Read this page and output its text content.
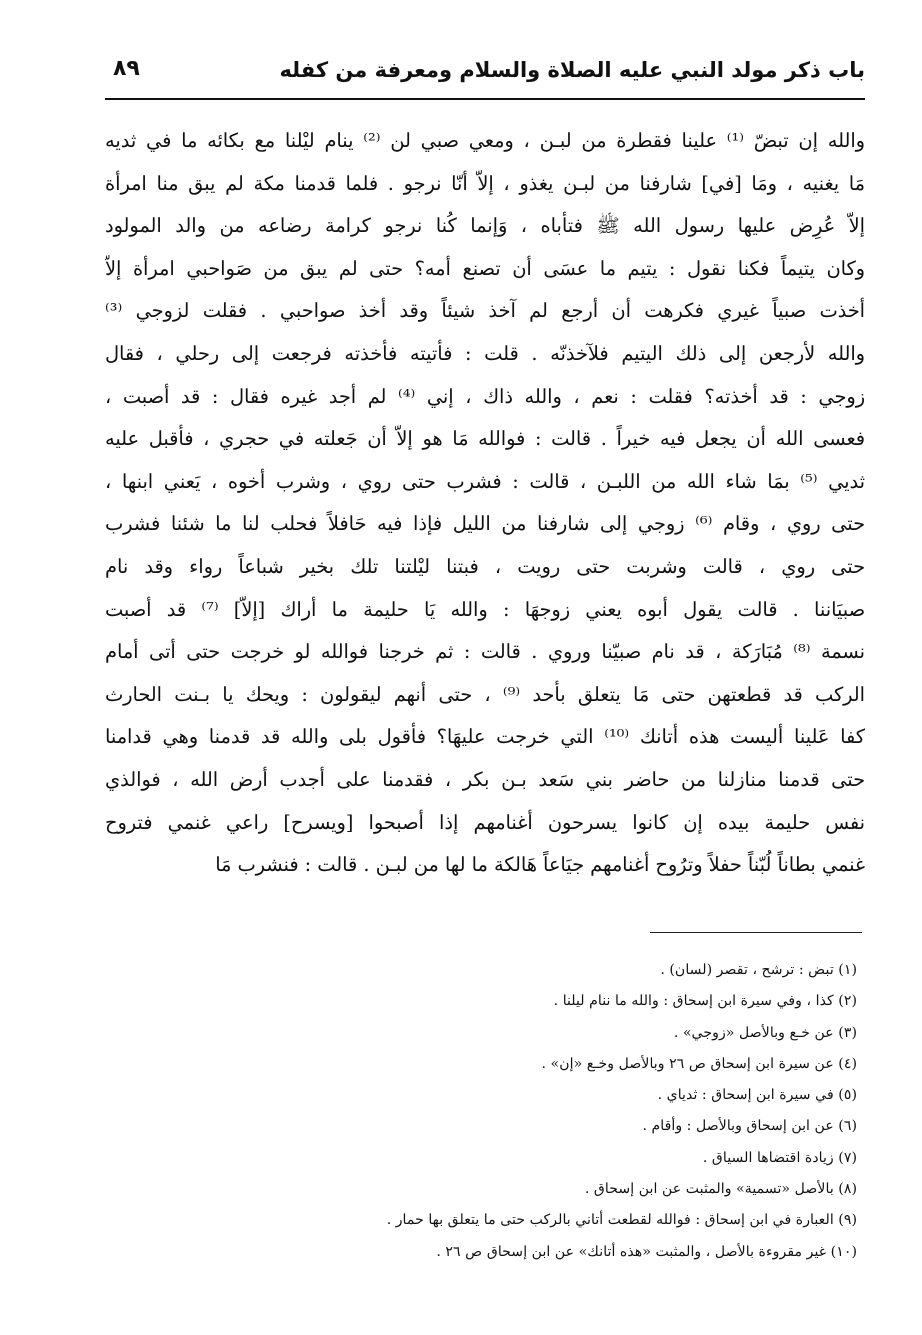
باب ذكر مولد النبي عليه الصلاة والسلام ومعرفة من كفله
٨٩
والله إن تبضّ ⁽¹⁾ علينا فقطرة من لبـن ، ومعي صبي لن ⁽²⁾ ينام ليْلنا مع بكائه ما في ثديه
مَا يغنيه ، ومَا [في] شارفنا من لبـن يغذو ، إلاّ أنّا نرجو . فلما قدمنا مكة لم يبق منا امرأة
إلاّ عُرِض عليها رسول الله ﷺ فتأباه ، وَإنما كُنا نرجو كرامة رضاعه من والد المولود
وكان يتيماً فكنا نقول : يتيم ما عسَى أن تصنع أمه؟ حتى لم يبق من صَواحبي امرأة إلاّ
أخذت صبياً غيري فكرهت أن أرجع لم آخذ شيئاً وقد أخذ صواحبي . فقلت لزوجي ⁽³⁾
والله لأرجعن إلى ذلك اليتيم فلآخذنّه . قلت : فأتيته فأخذته فرجعت إلى رحلي ، فقال
زوجي : قد أخذته؟ فقلت : نعم ، والله ذاك ، إني ⁽⁴⁾ لم أجد غيره فقال : قد أصبت ،
فعسى الله أن يجعل فيه خيراً . قالت : فوالله مَا هو إلاّ أن جَعلته في حجري ، فأقبل عليه
ثديي ⁽⁵⁾ بمَا شاء الله من اللبـن ، قالت : فشرب حتى روي ، وشرب أخوه ، يَعني ابنها ،
حتى روي ، وقام ⁽⁶⁾ زوجي إلى شارفنا من الليل فإذا فيه حَافلاً فحلب لنا ما شئنا فشرب
حتى روي ، قالت وشربت حتى رويت ، فبتنا ليْلتنا تلك بخير شباعاً رواء وقد نام
صبيَاننا . قالت يقول أبوه يعني زوجهَا : والله يَا حليمة ما أراك [إلاّ] ⁽⁷⁾ قد أصبت
نسمة ⁽⁸⁾ مُبَارَكة ، قد نام صبيّنا وروي . قالت : ثم خرجنا فوالله لو خرجت حتى أتى أمام
الركب قد قطعتهن حتى مَا يتعلق بأحد ⁽⁹⁾ ، حتى أنهم ليقولون : ويحك يا بـنت الحارث
كفا عَلينا أليست هذه أتانك ⁽¹⁰⁾ التي خرجت عليهَا؟ فأقول بلى والله قد قدمنا وهي قدامنا
حتى قدمنا منازلنا من حاضر بني سَعد بـن بكر ، فقدمنا على أجدب أرض الله ، فوالذي
نفس حليمة بيده إن كانوا يسرحون أغنامهم إذا أصبحوا [ويسرح] راعي غنمي فتروح
غنمي بطاناً لُبّناً حفلاً وترُوح أغنامهم جيَاعاً هَالكة ما لها من لبـن . قالت : فنشرب مَا
(١) تبض : ترشح ، تقصر (لسان) .
(٢) كذا ، وفي سيرة ابن إسحاق : والله ما ننام ليلنا .
(٣) عن خـع وبالأصل «زوجي» .
(٤) عن سيرة ابن إسحاق ص ٢٦ وبالأصل وخـع «إن» .
(٥) في سيرة ابن إسحاق : ثدياي .
(٦) عن ابن إسحاق وبالأصل : وأقام .
(٧) زيادة اقتضاها السياق .
(٨) بالأصل «تسمية» والمثبت عن ابن إسحاق .
(٩) العبارة في ابن إسحاق : فوالله لقطعت أتاني بالركب حتى ما يتعلق بها حمار .
(١٠) غير مقروءة بالأصل ، والمثبت «هذه أتانك» عن ابن إسحاق ص ٢٦ .
